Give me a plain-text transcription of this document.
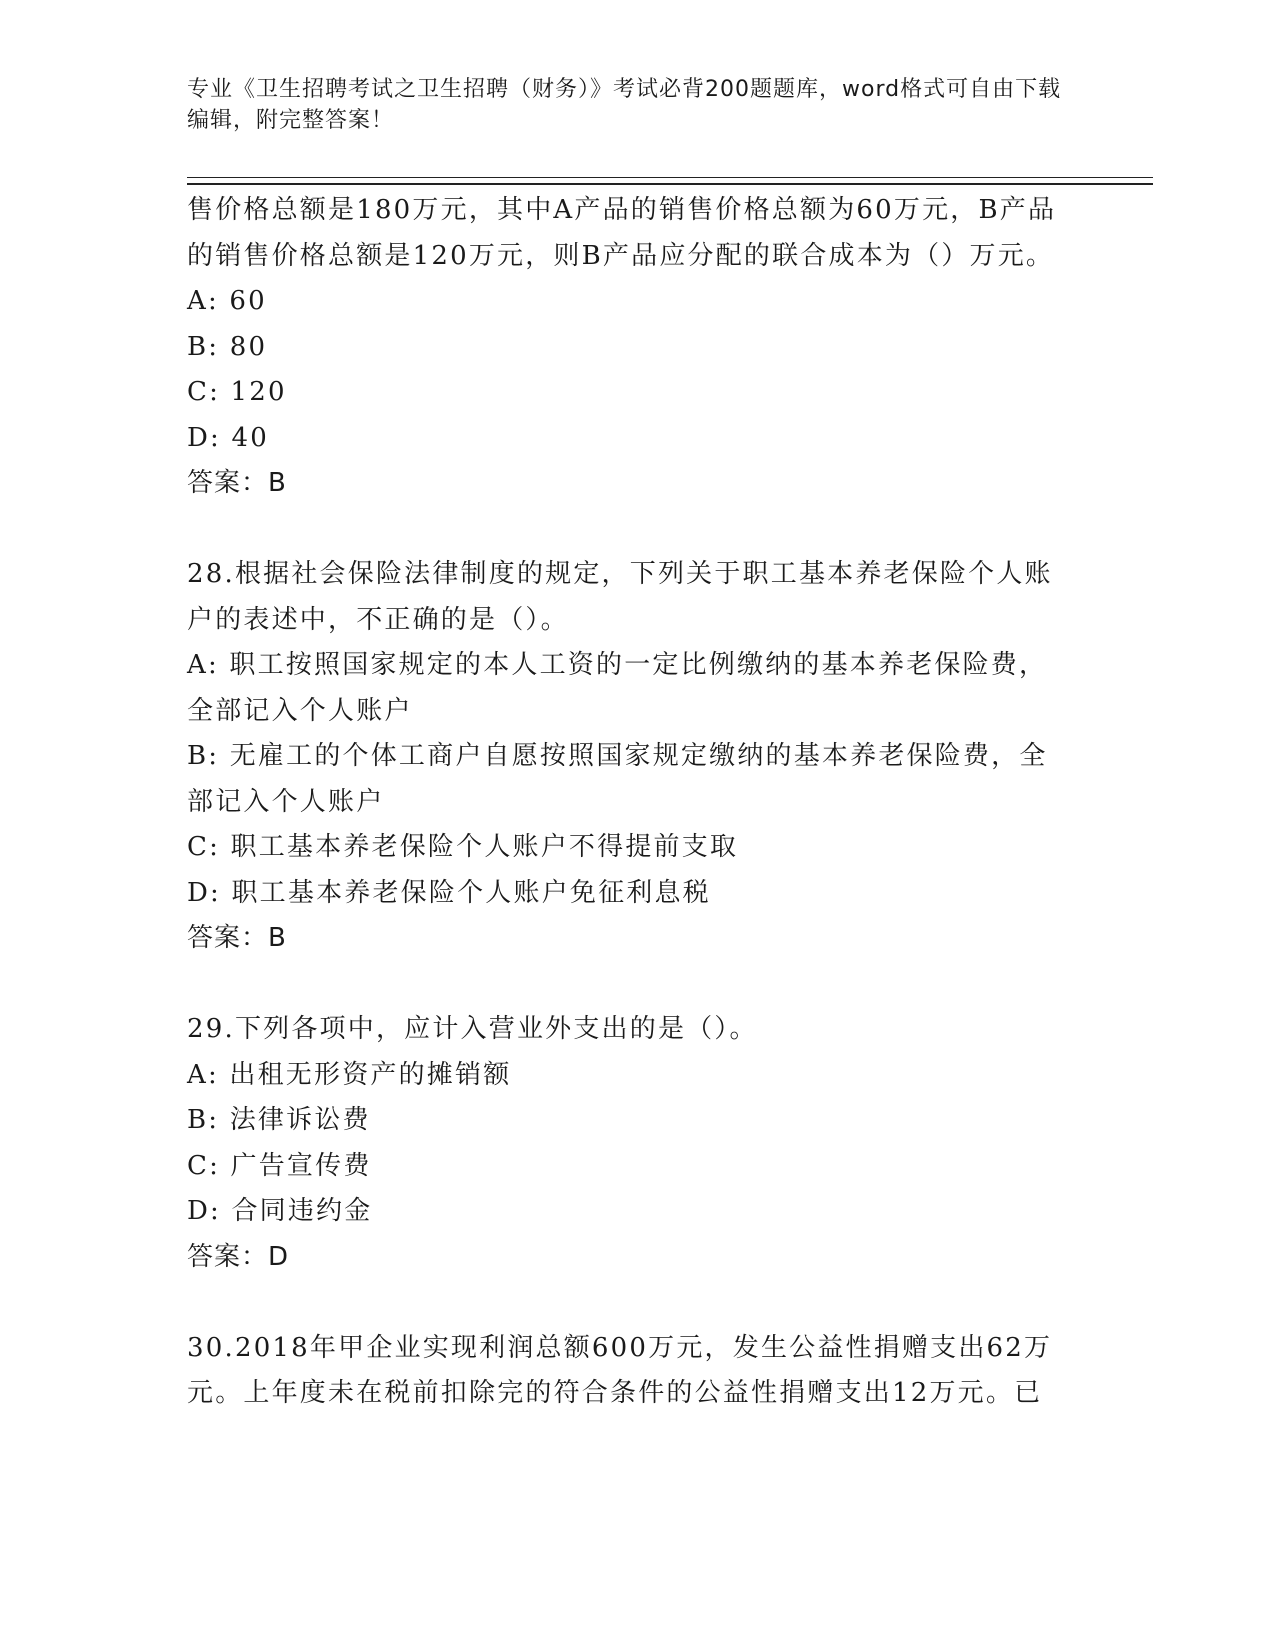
专业《卫生招聘考试之卫生招聘（财务）》考试必背200题题库，word格式可自由下载编辑，附完整答案！

售价格总额是180万元，其中A产品的销售价格总额为60万元，B产品的销售价格总额是120万元，则B产品应分配的联合成本为（）万元。

A: 60

B: 80

C: 120

D: 40

答案：B

28.根据社会保险法律制度的规定，下列关于职工基本养老保险个人账户的表述中，不正确的是（）。

A: 职工按照国家规定的本人工资的一定比例缴纳的基本养老保险费，全部记入个人账户

B: 无雇工的个体工商户自愿按照国家规定缴纳的基本养老保险费，全部记入个人账户

C: 职工基本养老保险个人账户不得提前支取

D: 职工基本养老保险个人账户免征利息税

答案：B

29.下列各项中，应计入营业外支出的是（）。

A: 出租无形资产的摊销额

B: 法律诉讼费

C: 广告宣传费

D: 合同违约金

答案：D

30.2018年甲企业实现利润总额600万元，发生公益性捐赠支出62万元。上年度未在税前扣除完的符合条件的公益性捐赠支出12万元。已
